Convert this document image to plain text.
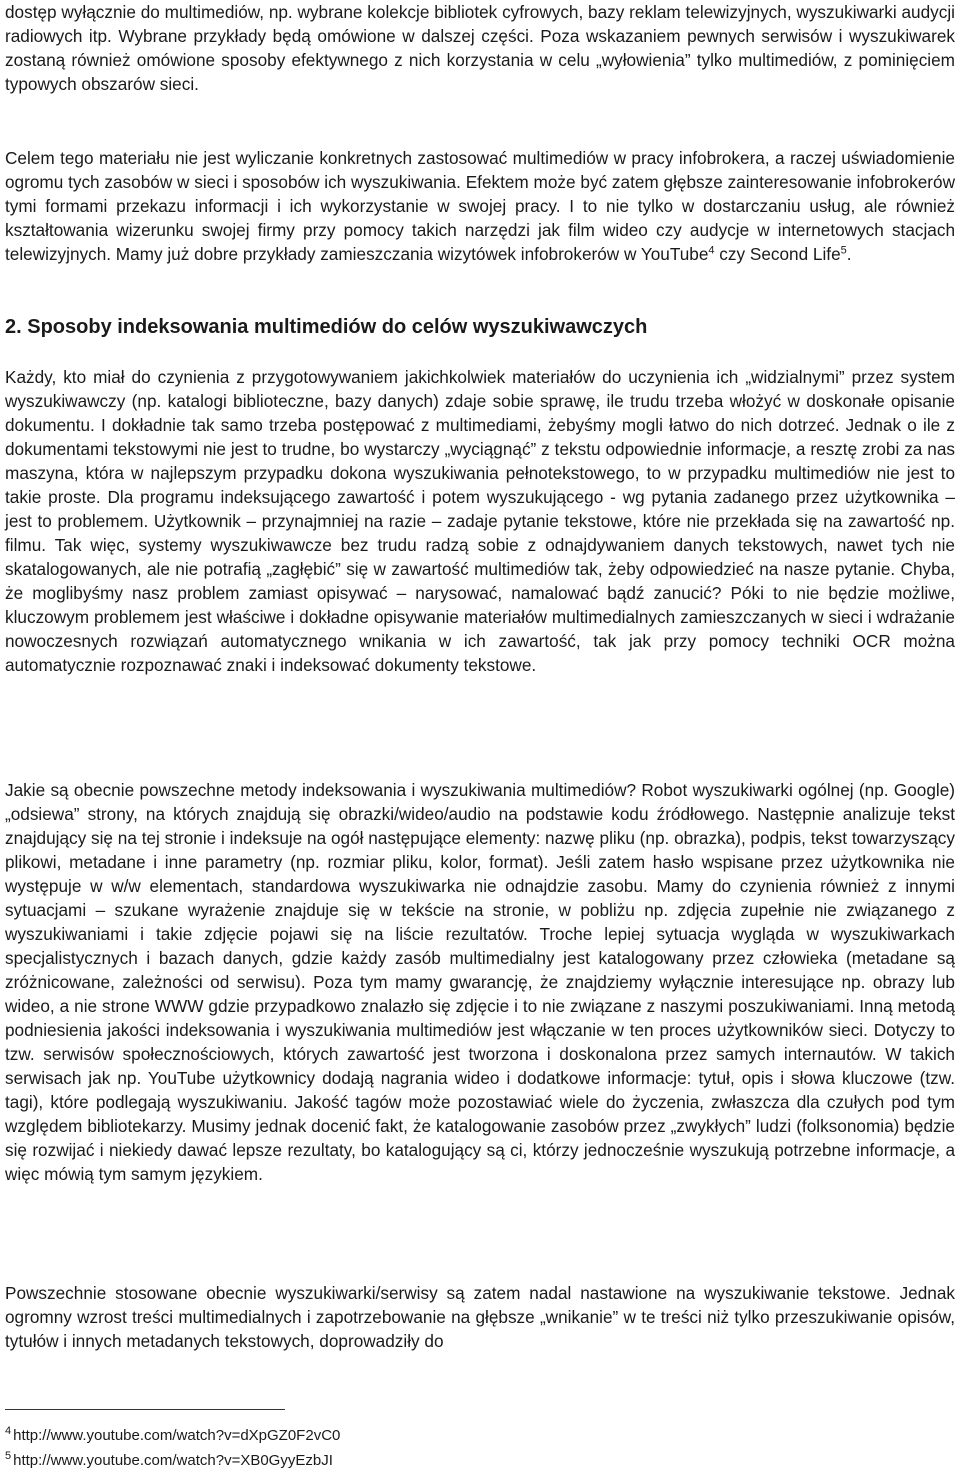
dostęp wyłącznie do multimediów, np. wybrane kolekcje bibliotek cyfrowych, bazy reklam telewizyjnych, wyszukiwarki audycji radiowych itp. Wybrane przykłady będą omówione w dalszej części. Poza wskazaniem pewnych serwisów i wyszukiwarek zostaną również omówione sposoby efektywnego z nich korzystania w celu „wyłowienia” tylko multimediów, z pominięciem typowych obszarów sieci.

Celem tego materiału nie jest wyliczanie konkretnych zastosować multimediów w pracy infobrokera, a raczej uświadomienie ogromu tych zasobów w sieci i sposobów ich wyszukiwania. Efektem może być zatem głębsze zainteresowanie infobrokerów tymi formami przekazu informacji i ich wykorzystanie w swojej pracy. I to nie tylko w dostarczaniu usług, ale również kształtowania wizerunku swojej firmy przy pomocy takich narzędzi jak film wideo czy audycje w internetowych stacjach telewizyjnych. Mamy już dobre przykłady zamieszczania wizytówek infobrokerów w YouTube$^4$ czy Second Life$^5$.

2. Sposoby indeksowania multimediów do celów wyszukiwawczych

Każdy, kto miał do czynienia z przygotowywaniem jakichkolwiek materiałów do uczynienia ich „widzialnymi” przez system wyszukiwawczy (np. katalogi biblioteczne, bazy danych) zdaje sobie sprawę, ile trudu trzeba włożyć w doskonałe opisanie dokumentu. I dokładnie tak samo trzeba postępować z multimediami, żebyśmy mogli łatwo do nich dotrzeć. Jednak o ile z dokumentami tekstowymi nie jest to trudne, bo wystarczy „wyciągnąć” z tekstu odpowiednie informacje, a resztę zrobi za nas maszyna, która w najlepszym przypadku dokona wyszukiwania pełnotekstowego, to w przypadku multimediów nie jest to takie proste. Dla programu indeksującego zawartość i potem wyszukującego - wg pytania zadanego przez użytkownika – jest to problemem. Użytkownik – przynajmniej na razie – zadaje pytanie tekstowe, które nie przekłada się na zawartość np. filmu. Tak więc, systemy wyszukiwawcze bez trudu radzą sobie z odnajdywaniem danych tekstowych, nawet tych nie skatalogowanych, ale nie potrafią „zagłębić” się w zawartość multimediów tak, żeby odpowiedzieć na nasze pytanie. Chyba, że moglibyśmy nasz problem zamiast opisywać – narysować, namalować bądź zanucić? Póki to nie będzie możliwe, kluczowym problemem jest właściwe i dokładne opisywanie materiałów multimedialnych zamieszczanych w sieci i wdrażanie nowoczesnych rozwiązań automatycznego wnikania w ich zawartość, tak jak przy pomocy techniki OCR można automatycznie rozpoznawać znaki i indeksować dokumenty tekstowe.

Jakie są obecnie powszechne metody indeksowania i wyszukiwania multimediów? Robot wyszukiwarki ogólnej (np. Google) „odsiewa” strony, na których znajdują się obrazki/wideo/audio na podstawie kodu źródłowego. Następnie analizuje tekst znajdujący się na tej stronie i indeksuje na ogół następujące elementy: nazwę pliku (np. obrazka), podpis, tekst towarzyszący plikowi, metadane i inne parametry (np. rozmiar pliku, kolor, format). Jeśli zatem hasło wspisane przez użytkownika nie występuje w w/w elementach, standardowa wyszukiwarka nie odnajdzie zasobu. Mamy do czynienia również z innymi sytuacjami – szukane wyrażenie znajduje się w tekście na stronie, w pobliżu np. zdjęcia zupełnie nie związanego z wyszukiwaniami i takie zdjęcie pojawi się na liście rezultatów. Troche lepiej sytuacja wygląda w wyszukiwarkach specjalistycznych i bazach danych, gdzie każdy zasób multimedialny jest katalogowany przez człowieka (metadane są zróżnicowane, zależności od serwisu). Poza tym mamy gwarancję, że znajdziemy wyłącznie interesujące np. obrazy lub wideo, a nie strone WWW gdzie przypadkowo znalazło się zdjęcie i to nie związane z naszymi poszukiwaniami. Inną metodą podniesienia jakości indeksowania i wyszukiwania multimediów jest włączanie w ten proces użytkowników sieci. Dotyczy to tzw. serwisów społecznościowych, których zawartość jest tworzona i doskonalona przez samych internautów. W takich serwisach jak np. YouTube użytkownicy dodają nagrania wideo i dodatkowe informacje: tytuł, opis i słowa kluczowe (tzw. tagi), które podlegają wyszukiwaniu. Jakość tagów może pozostawiać wiele do życzenia, zwłaszcza dla czułych pod tym względem bibliotekarzy. Musimy jednak docenić fakt, że katalogowanie zasobów przez „zwykłych” ludzi (folksonomia) będzie się rozwijać i niekiedy dawać lepsze rezultaty, bo katalogujący są ci, którzy jednocześnie wyszukują potrzebne informacje, a więc mówią tym samym językiem.

Powszechnie stosowane obecnie wyszukiwarki/serwisy są zatem nadal nastawione na wyszukiwanie tekstowe. Jednak ogromny wzrost treści multimedialnych i zapotrzebowanie na głębsze „wnikanie” w te treści niż tylko przeszukiwanie opisów, tytułów i innych metadanych tekstowych, doprowadziły do

$^4$ http://www.youtube.com/watch?v=dXpGZ0F2vC0
$^5$ http://www.youtube.com/watch?v=XB0GyyEzbJI
